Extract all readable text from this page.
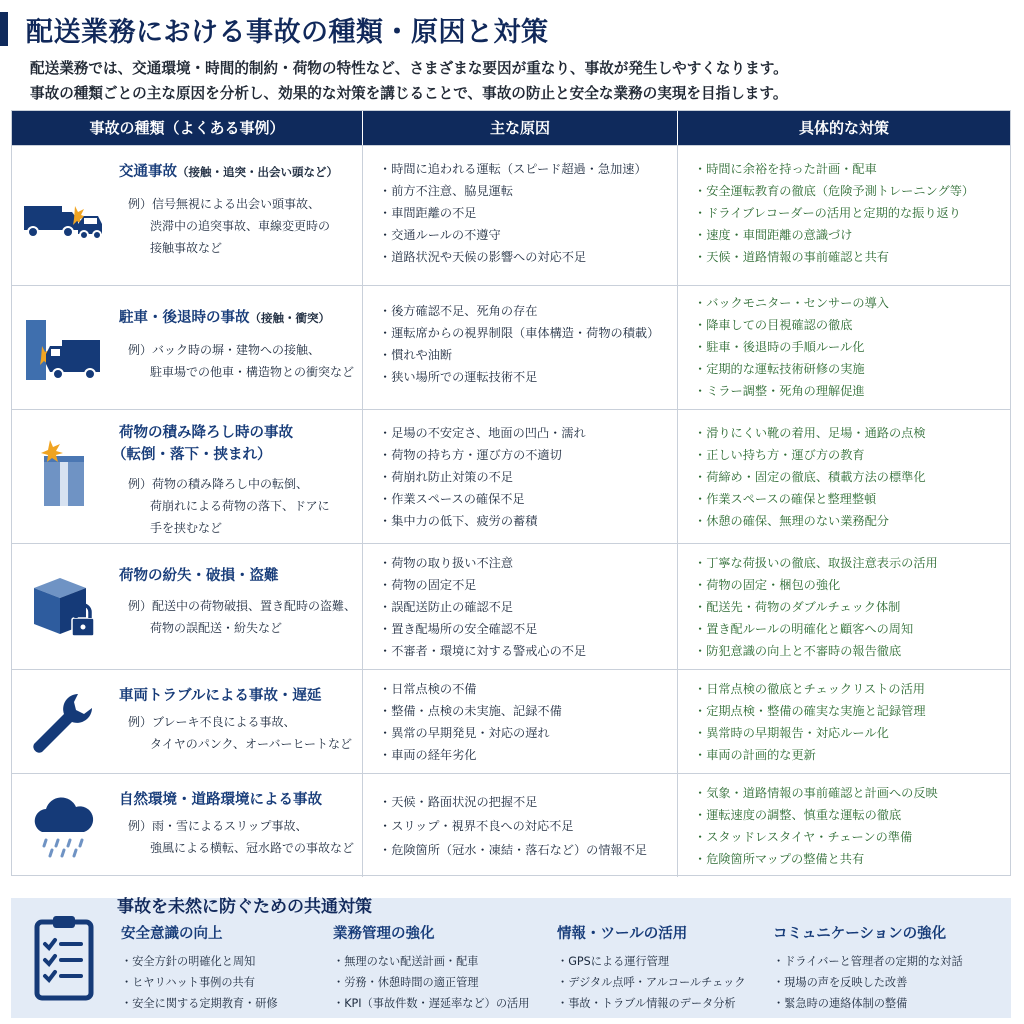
配送業務における事故の種類・原因と対策

配送業務では、交通環境・時間的制約・荷物の特性など、さまざまな要因が重なり、事故が発生しやすくなります。

事故の種類ごとの主な原因を分析し、効果的な対策を講じることで、事故の防止と安全な業務の実現を目指します。

事故の種類（よくある事例）	主な原因	具体的な対策
交通事故（接触・追突・出会い頭など）
例）信号無視による出会い頭事故、
渋滞中の追突事故、車線変更時の
接触事故など
・ 時間に追われる運転（スピード超過・急加速）
・ 前方不注意、脇見運転
・ 車間距離の不足
・ 交通ルールの不遵守
・ 道路状況や天候の影響への対応不足
・ 時間に余裕を持った計画・配車
・ 安全運転教育の徹底（危険予測トレーニング等）
・ ドライブレコーダーの活用と定期的な振り返り
・ 速度・車間距離の意識づけ
・ 天候・道路情報の事前確認と共有
駐車・後退時の事故（接触・衝突）
例）バック時の塀・建物への接触、
駐車場での他車・構造物との衝突など
・ 後方確認不足、死角の存在
・ 運転席からの視界制限（車体構造・荷物の積載）
・ 慣れや油断
・ 狭い場所での運転技術不足
・ バックモニター・センサーの導入
・ 降車しての目視確認の徹底
・ 駐車・後退時の手順ルール化
・ 定期的な運転技術研修の実施
・ ミラー調整・死角の理解促進
荷物の積み降ろし時の事故
（転倒・落下・挟まれ）
例）荷物の積み降ろし中の転倒、
荷崩れによる荷物の落下、ドアに
手を挟むなど
・ 足場の不安定さ、地面の凹凸・濡れ
・ 荷物の持ち方・運び方の不適切
・ 荷崩れ防止対策の不足
・ 作業スペースの確保不足
・ 集中力の低下、疲労の蓄積
・ 滑りにくい靴の着用、足場・通路の点検
・ 正しい持ち方・運び方の教育
・ 荷締め・固定の徹底、積載方法の標準化
・ 作業スペースの確保と整理整頓
・ 休憩の確保、無理のない業務配分
荷物の紛失・破損・盗難
例）配送中の荷物破損、置き配時の盗難、
荷物の誤配送・紛失など
・ 荷物の取り扱い不注意
・ 荷物の固定不足
・ 誤配送防止の確認不足
・ 置き配場所の安全確認不足
・ 不審者・環境に対する警戒心の不足
・ 丁寧な荷扱いの徹底、取扱注意表示の活用
・ 荷物の固定・梱包の強化
・ 配送先・荷物のダブルチェック体制
・ 置き配ルールの明確化と顧客への周知
・ 防犯意識の向上と不審時の報告徹底
車両トラブルによる事故・遅延
例）ブレーキ不良による事故、
タイヤのパンク、オーバーヒートなど
・ 日常点検の不備
・ 整備・点検の未実施、記録不備
・ 異常の早期発見・対応の遅れ
・ 車両の経年劣化
・ 日常点検の徹底とチェックリストの活用
・ 定期点検・整備の確実な実施と記録管理
・ 異常時の早期報告・対応ルール化
・ 車両の計画的な更新
自然環境・道路環境による事故
例）雨・雪によるスリップ事故、
強風による横転、冠水路での事故など
・ 天候・路面状況の把握不足
・ スリップ・視界不良への対応不足
・ 危険箇所（冠水・凍結・落石など）の情報不足
・ 気象・道路情報の事前確認と計画への反映
・ 運転速度の調整、慎重な運転の徹底
・ スタッドレスタイヤ・チェーンの準備
・ 危険箇所マップの整備と共有
事故を未然に防ぐための共通対策
安全意識の向上
・ 安全方針の明確化と周知
・ ヒヤリハット事例の共有
・ 安全に関する定期教育・研修
業務管理の強化
・ 無理のない配送計画・配車
・ 労務・休憩時間の適正管理
・ KPI（事故件数・遅延率など）の活用
情報・ツールの活用
・ GPSによる運行管理
・ デジタル点呼・アルコールチェック
・ 事故・トラブル情報のデータ分析
コミュニケーションの強化
・ ドライバーと管理者の定期的な対話
・ 現場の声を反映した改善
・ 緊急時の連絡体制の整備
